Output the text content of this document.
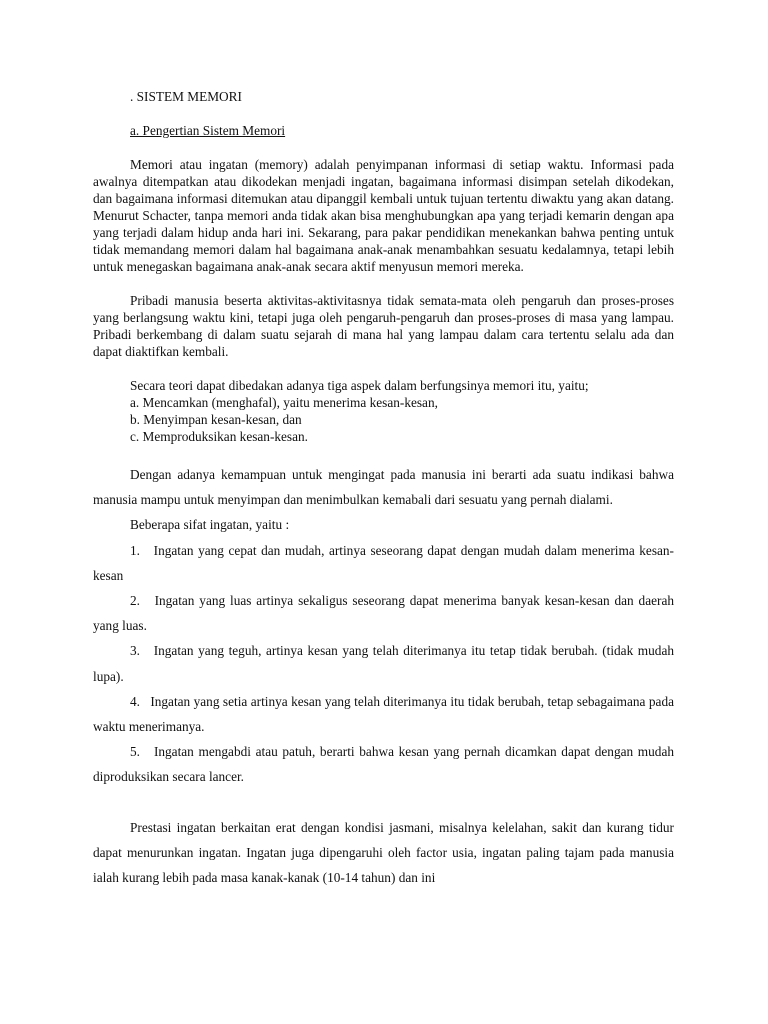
. SISTEM MEMORI

a. Pengertian Sistem Memori

Memori atau ingatan (memory) adalah penyimpanan informasi di setiap waktu. Informasi pada awalnya ditempatkan atau dikodekan menjadi ingatan, bagaimana informasi disimpan setelah dikodekan, dan bagaimana informasi ditemukan atau dipanggil kembali untuk tujuan tertentu diwaktu yang akan datang. Menurut Schacter, tanpa memori anda tidak akan bisa menghubungkan apa yang terjadi kemarin dengan apa yang terjadi dalam hidup anda hari ini. Sekarang, para pakar pendidikan menekankan bahwa penting untuk tidak memandang memori dalam hal bagaimana anak-anak menambahkan sesuatu kedalamnya, tetapi lebih untuk menegaskan bagaimana anak-anak secara aktif menyusun memori mereka.

Pribadi manusia beserta aktivitas-aktivitasnya tidak semata-mata oleh pengaruh dan proses-proses yang berlangsung waktu kini, tetapi juga oleh pengaruh-pengaruh dan proses-proses di masa yang lampau. Pribadi berkembang di dalam suatu sejarah di mana hal yang lampau dalam cara tertentu selalu ada dan dapat diaktifkan kembali.

Secara teori dapat dibedakan adanya tiga aspek dalam berfungsinya memori itu, yaitu;

a. Mencamkan (menghafal), yaitu menerima kesan-kesan,

b. Menyimpan kesan-kesan, dan

c. Memproduksikan kesan-kesan.

Dengan adanya kemampuan untuk mengingat pada manusia ini berarti ada suatu indikasi bahwa manusia mampu untuk menyimpan dan menimbulkan kemabali dari sesuatu yang pernah dialami.

Beberapa sifat ingatan, yaitu :

1.   Ingatan yang cepat dan mudah, artinya seseorang dapat dengan mudah dalam menerima kesan-kesan

2.   Ingatan yang luas artinya sekaligus seseorang dapat menerima banyak kesan-kesan dan daerah yang luas.

3.   Ingatan yang teguh, artinya kesan yang telah diterimanya itu tetap tidak berubah. (tidak mudah lupa).

4.   Ingatan yang setia artinya kesan yang telah diterimanya itu tidak berubah, tetap sebagaimana pada waktu menerimanya.

5.   Ingatan mengabdi atau patuh, berarti bahwa kesan yang pernah dicamkan dapat dengan mudah diproduksikan secara lancer.

Prestasi ingatan berkaitan erat dengan kondisi jasmani, misalnya kelelahan, sakit dan kurang tidur dapat menurunkan ingatan. Ingatan juga dipengaruhi oleh factor usia, ingatan paling tajam pada manusia ialah kurang lebih pada masa kanak-kanak (10-14 tahun) dan ini
